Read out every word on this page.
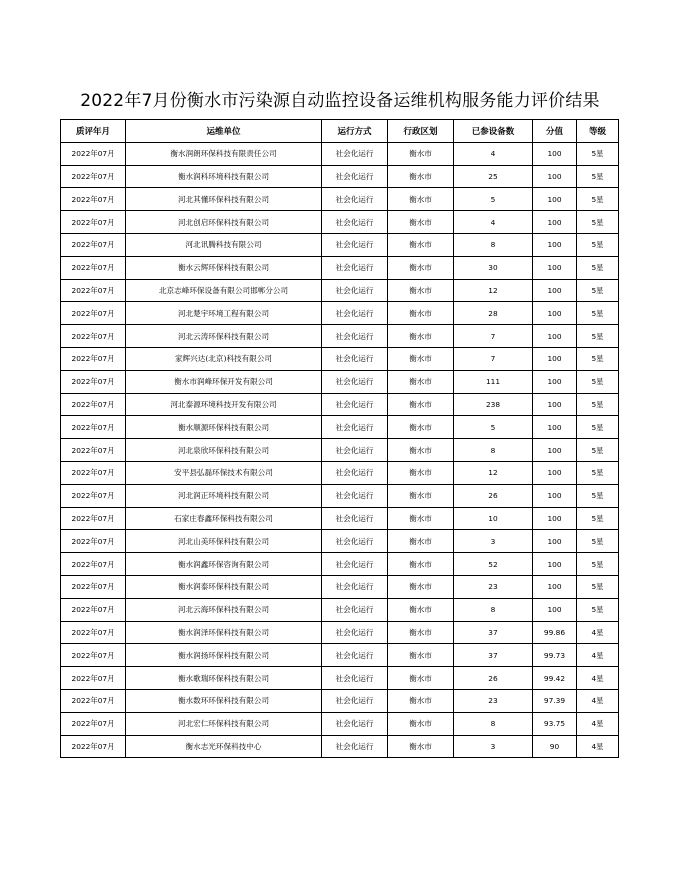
2022年7月份衡水市污染源自动监控设备运维机构服务能力评价结果
质评年月	运维单位	运行方式	行政区划	已参设备数	分值	等级
2022年07月	衡水润朗环保科技有限责任公司	社会化运行	衡水市	4	100	5星
2022年07月	衡水润科环境科技有限公司	社会化运行	衡水市	25	100	5星
2022年07月	河北其懂环保科技有限公司	社会化运行	衡水市	5	100	5星
2022年07月	河北创启环保科技有限公司	社会化运行	衡水市	4	100	5星
2022年07月	河北讯腾科技有限公司	社会化运行	衡水市	8	100	5星
2022年07月	衡水云辉环保科技有限公司	社会化运行	衡水市	30	100	5星
2022年07月	北京志峰环保设备有限公司邯郸分公司	社会化运行	衡水市	12	100	5星
2022年07月	河北楚宇环境工程有限公司	社会化运行	衡水市	28	100	5星
2022年07月	河北云涛环保科技有限公司	社会化运行	衡水市	7	100	5星
2022年07月	家辉兴达(北京)科技有限公司	社会化运行	衡水市	7	100	5星
2022年07月	衡水市润峰环保开发有限公司	社会化运行	衡水市	111	100	5星
2022年07月	河北泰源环境科技开发有限公司	社会化运行	衡水市	238	100	5星
2022年07月	衡水顺源环保科技有限公司	社会化运行	衡水市	5	100	5星
2022年07月	河北泉欣环保科技有限公司	社会化运行	衡水市	8	100	5星
2022年07月	安平县弘磊环保技术有限公司	社会化运行	衡水市	12	100	5星
2022年07月	河北润正环境科技有限公司	社会化运行	衡水市	26	100	5星
2022年07月	石家庄春鑫环保科技有限公司	社会化运行	衡水市	10	100	5星
2022年07月	河北山美环保科技有限公司	社会化运行	衡水市	3	100	5星
2022年07月	衡水润鑫环保咨询有限公司	社会化运行	衡水市	52	100	5星
2022年07月	衡水润泰环保科技有限公司	社会化运行	衡水市	23	100	5星
2022年07月	河北云海环保科技有限公司	社会化运行	衡水市	8	100	5星
2022年07月	衡水润泽环保科技有限公司	社会化运行	衡水市	37	99.86	4星
2022年07月	衡水润扬环保科技有限公司	社会化运行	衡水市	37	99.73	4星
2022年07月	衡水歌瑞环保科技有限公司	社会化运行	衡水市	26	99.42	4星
2022年07月	衡水数环环保科技有限公司	社会化运行	衡水市	23	97.39	4星
2022年07月	河北宏仁环保科技有限公司	社会化运行	衡水市	8	93.75	4星
2022年07月	衡水志光环保科技中心	社会化运行	衡水市	3	90	4星
